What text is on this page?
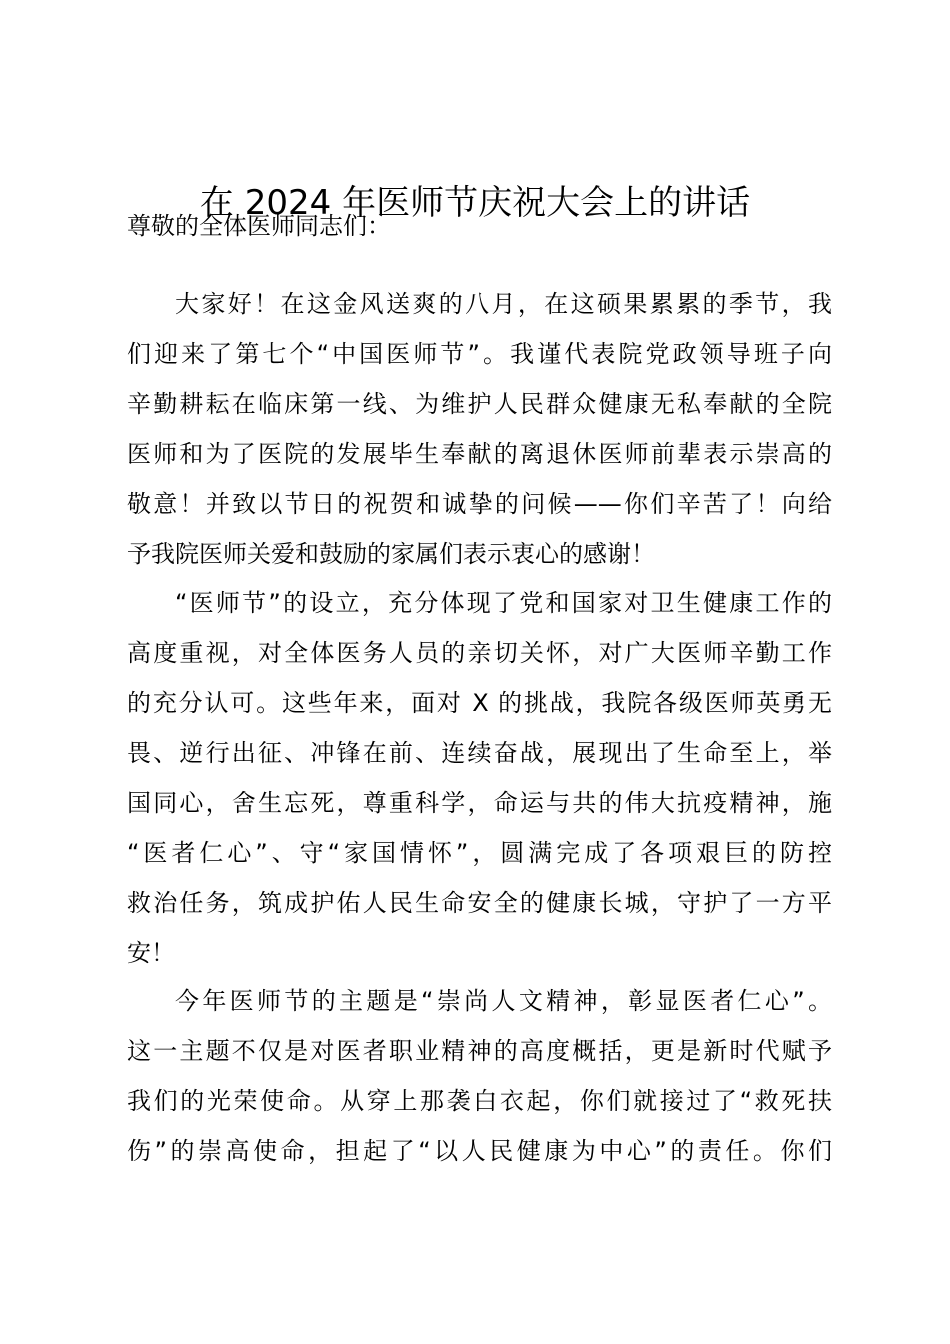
在 2024 年医师节庆祝大会上的讲话
尊敬的全体医师同志们：
大家好！在这金风送爽的八月，在这硕果累累的季节，我
们迎来了第七个“中国医师节”。我谨代表院党政领导班子向
辛勤耕耘在临床第一线、为维护人民群众健康无私奉献的全院
医师和为了医院的发展毕生奉献的离退休医师前辈表示崇高的
敬意！并致以节日的祝贺和诚挚的问候——你们辛苦了！向给
予我院医师关爱和鼓励的家属们表示衷心的感谢！
“医师节”的设立，充分体现了党和国家对卫生健康工作的
高度重视，对全体医务人员的亲切关怀，对广大医师辛勤工作
的充分认可。这些年来，面对 X 的挑战，我院各级医师英勇无
畏、逆行出征、冲锋在前、连续奋战，展现出了生命至上，举
国同心，舍生忘死，尊重科学，命运与共的伟大抗疫精神，施
“医者仁心”、守“家国情怀”，圆满完成了各项艰巨的防控
救治任务，筑成护佑人民生命安全的健康长城，守护了一方平
安！
今年医师节的主题是“崇尚人文精神，彰显医者仁心”。
这一主题不仅是对医者职业精神的高度概括，更是新时代赋予
我们的光荣使命。从穿上那袭白衣起，你们就接过了“救死扶
伤”的崇高使命，担起了“以人民健康为中心”的责任。你们
